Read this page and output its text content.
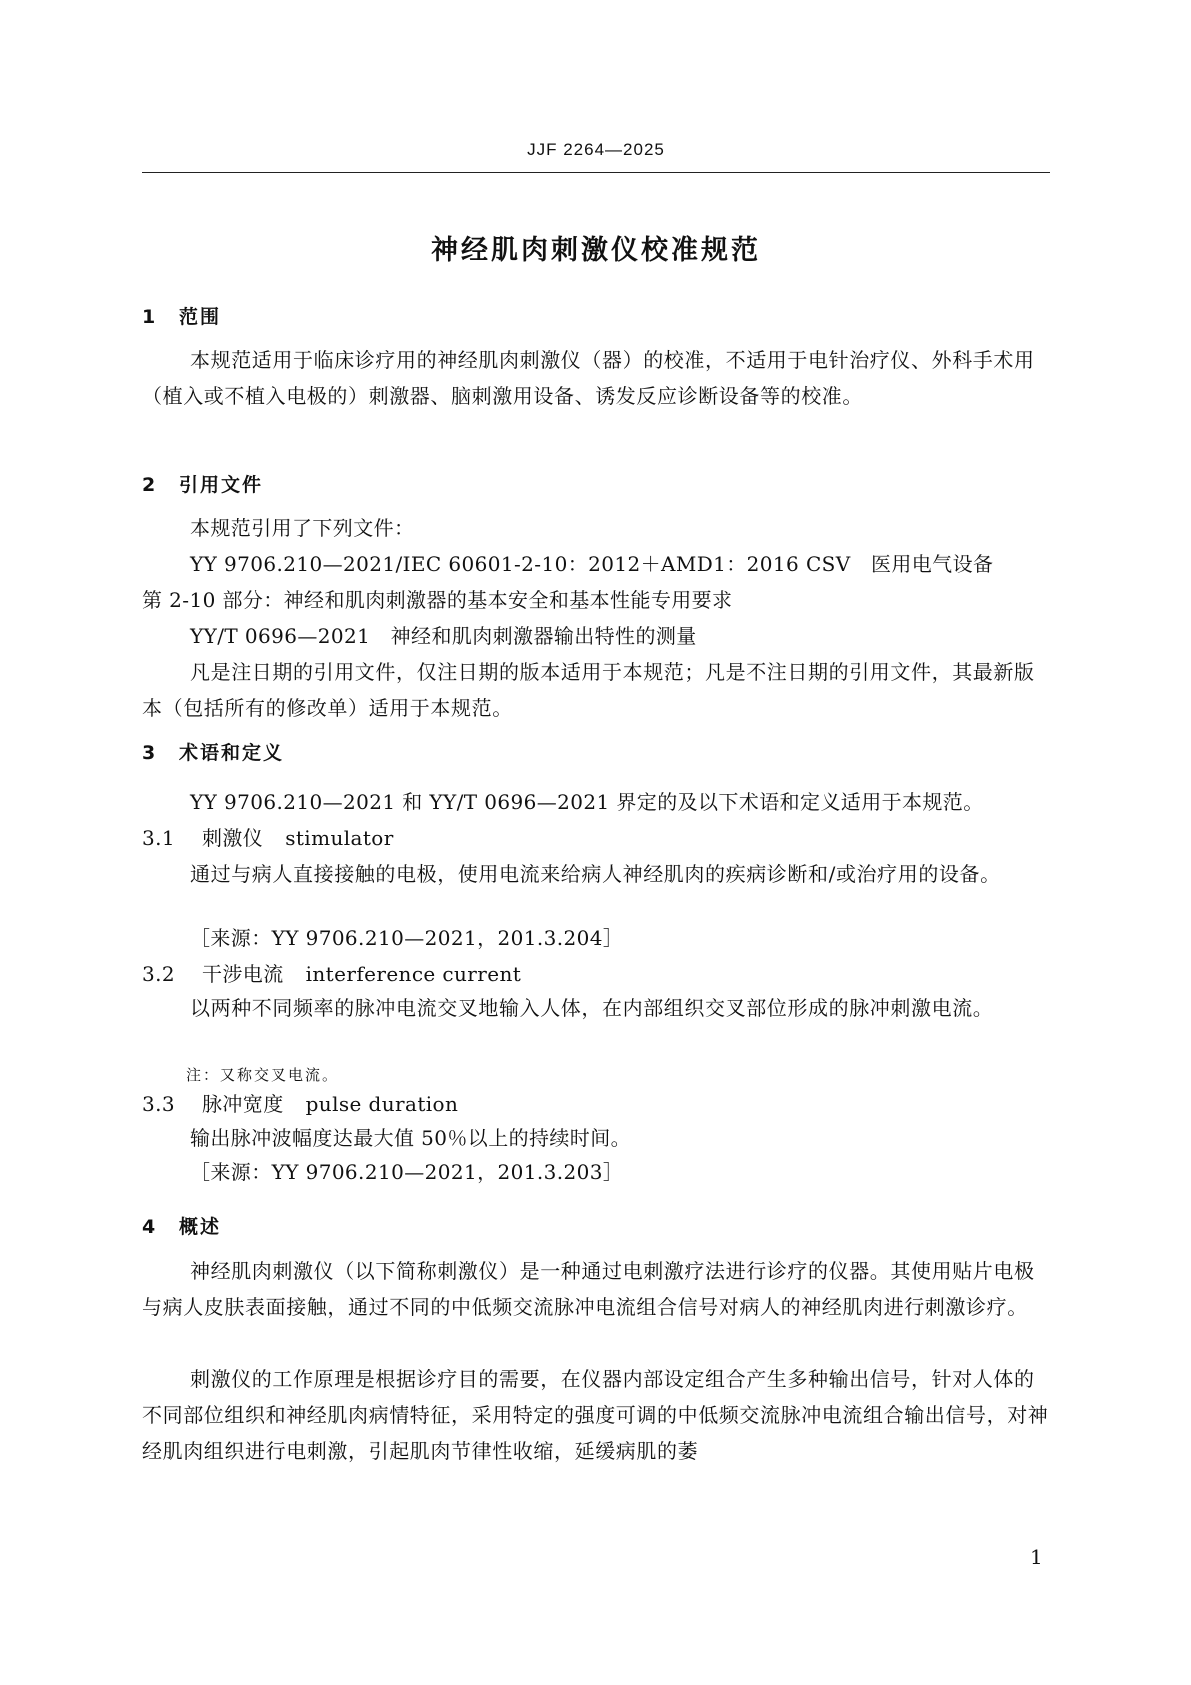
JJF 2264—2025
神经肌肉刺激仪校准规范
1 范围
本规范适用于临床诊疗用的神经肌肉刺激仪（器）的校准，不适用于电针治疗仪、外科手术用（植入或不植入电极的）刺激器、脑刺激用设备、诱发反应诊断设备等的校准。
2 引用文件
本规范引用了下列文件：
YY 9706.210—2021/IEC 60601-2-10：2012＋AMD1：2016 CSV　医用电气设备
第 2-10 部分：神经和肌肉刺激器的基本安全和基本性能专用要求
YY/T 0696—2021　神经和肌肉刺激器输出特性的测量
凡是注日期的引用文件，仅注日期的版本适用于本规范；凡是不注日期的引用文件，其最新版本（包括所有的修改单）适用于本规范。
3 术语和定义
YY 9706.210—2021 和 YY/T 0696—2021 界定的及以下术语和定义适用于本规范。
3.1 刺激仪 stimulator
通过与病人直接接触的电极，使用电流来给病人神经肌肉的疾病诊断和/或治疗用的设备。
［来源：YY 9706.210—2021，201.3.204］
3.2 干涉电流 interference current
以两种不同频率的脉冲电流交叉地输入人体，在内部组织交叉部位形成的脉冲刺激电流。
注：又称交叉电流。
3.3 脉冲宽度 pulse duration
输出脉冲波幅度达最大值 50％以上的持续时间。
［来源：YY 9706.210—2021，201.3.203］
4 概述
神经肌肉刺激仪（以下简称刺激仪）是一种通过电刺激疗法进行诊疗的仪器。其使用贴片电极与病人皮肤表面接触，通过不同的中低频交流脉冲电流组合信号对病人的神经肌肉进行刺激诊疗。
刺激仪的工作原理是根据诊疗目的需要，在仪器内部设定组合产生多种输出信号，针对人体的不同部位组织和神经肌肉病情特征，采用特定的强度可调的中低频交流脉冲电流组合输出信号，对神经肌肉组织进行电刺激，引起肌肉节律性收缩，延缓病肌的萎
1
